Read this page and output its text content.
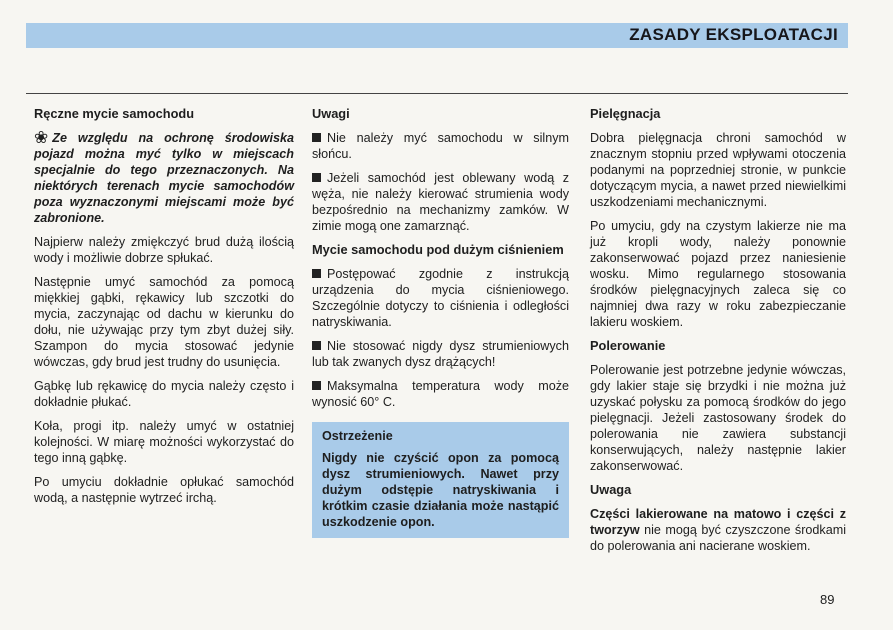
ZASADY EKSPLOATACJI
Ręczne mycie samochodu

❀ Ze względu na ochronę środowiska pojazd można myć tylko w miejscach specjalnie do tego przeznaczonych. Na niektórych terenach mycie samochodów poza wyznaczonymi miejscami może być zabronione.

Najpierw należy zmiękczyć brud dużą ilością wody i możliwie dobrze spłukać.

Następnie umyć samochód za pomocą miękkiej gąbki, rękawicy lub szczotki do mycia, zaczynając od dachu w kierunku do dołu, nie używając przy tym zbyt dużej siły. Szampon do mycia stosować jedynie wówczas, gdy brud jest trudny do usunięcia.

Gąbkę lub rękawicę do mycia należy często i dokładnie płukać.

Koła, progi itp. należy umyć w ostatniej kolejności. W miarę możności wykorzystać do tego inną gąbkę.

Po umyciu dokładnie opłukać samochód wodą, a następnie wytrzeć irchą.

Uwagi

Nie należy myć samochodu w silnym słońcu.

Jeżeli samochód jest oblewany wodą z węża, nie należy kierować strumienia wody bezpośrednio na mechanizmy zamków. W zimie mogą one zamarznąć.

Mycie samochodu pod dużym ciśnieniem

Postępować zgodnie z instrukcją urządzenia do mycia ciśnieniowego. Szczególnie dotyczy to ciśnienia i odległości natryskiwania.

Nie stosować nigdy dysz strumieniowych lub tak zwanych dysz drążących!

Maksymalna temperatura wody może wynosić 60° C.

Ostrzeżenie
Nigdy nie czyścić opon za pomocą dysz strumieniowych. Nawet przy dużym odstępie natryskiwania i krótkim czasie działania może nastąpić uszkodzenie opon.
Pielęgnacja

Dobra pielęgnacja chroni samochód w znacznym stopniu przed wpływami otoczenia podanymi na poprzedniej stronie, w punkcie dotyczącym mycia, a nawet przed niewielkimi uszkodzeniami mechanicznymi.

Po umyciu, gdy na czystym lakierze nie ma już kropli wody, należy ponownie zakonserwować pojazd przez naniesienie wosku. Mimo regularnego stosowania środków pielęgnacyjnych zaleca się co najmniej dwa razy w roku zabezpieczanie lakieru woskiem.

Polerowanie

Polerowanie jest potrzebne jedynie wówczas, gdy lakier staje się brzydki i nie można już uzyskać połysku za pomocą środków do jego pielęgnacji. Jeżeli zastosowany środek do polerowania nie zawiera substancji konserwujących, należy następnie lakier zakonserwować.

Uwaga

Części lakierowane na matowo i części z tworzyw nie mogą być czyszczone środkami do polerowania ani nacierane woskiem.

89
